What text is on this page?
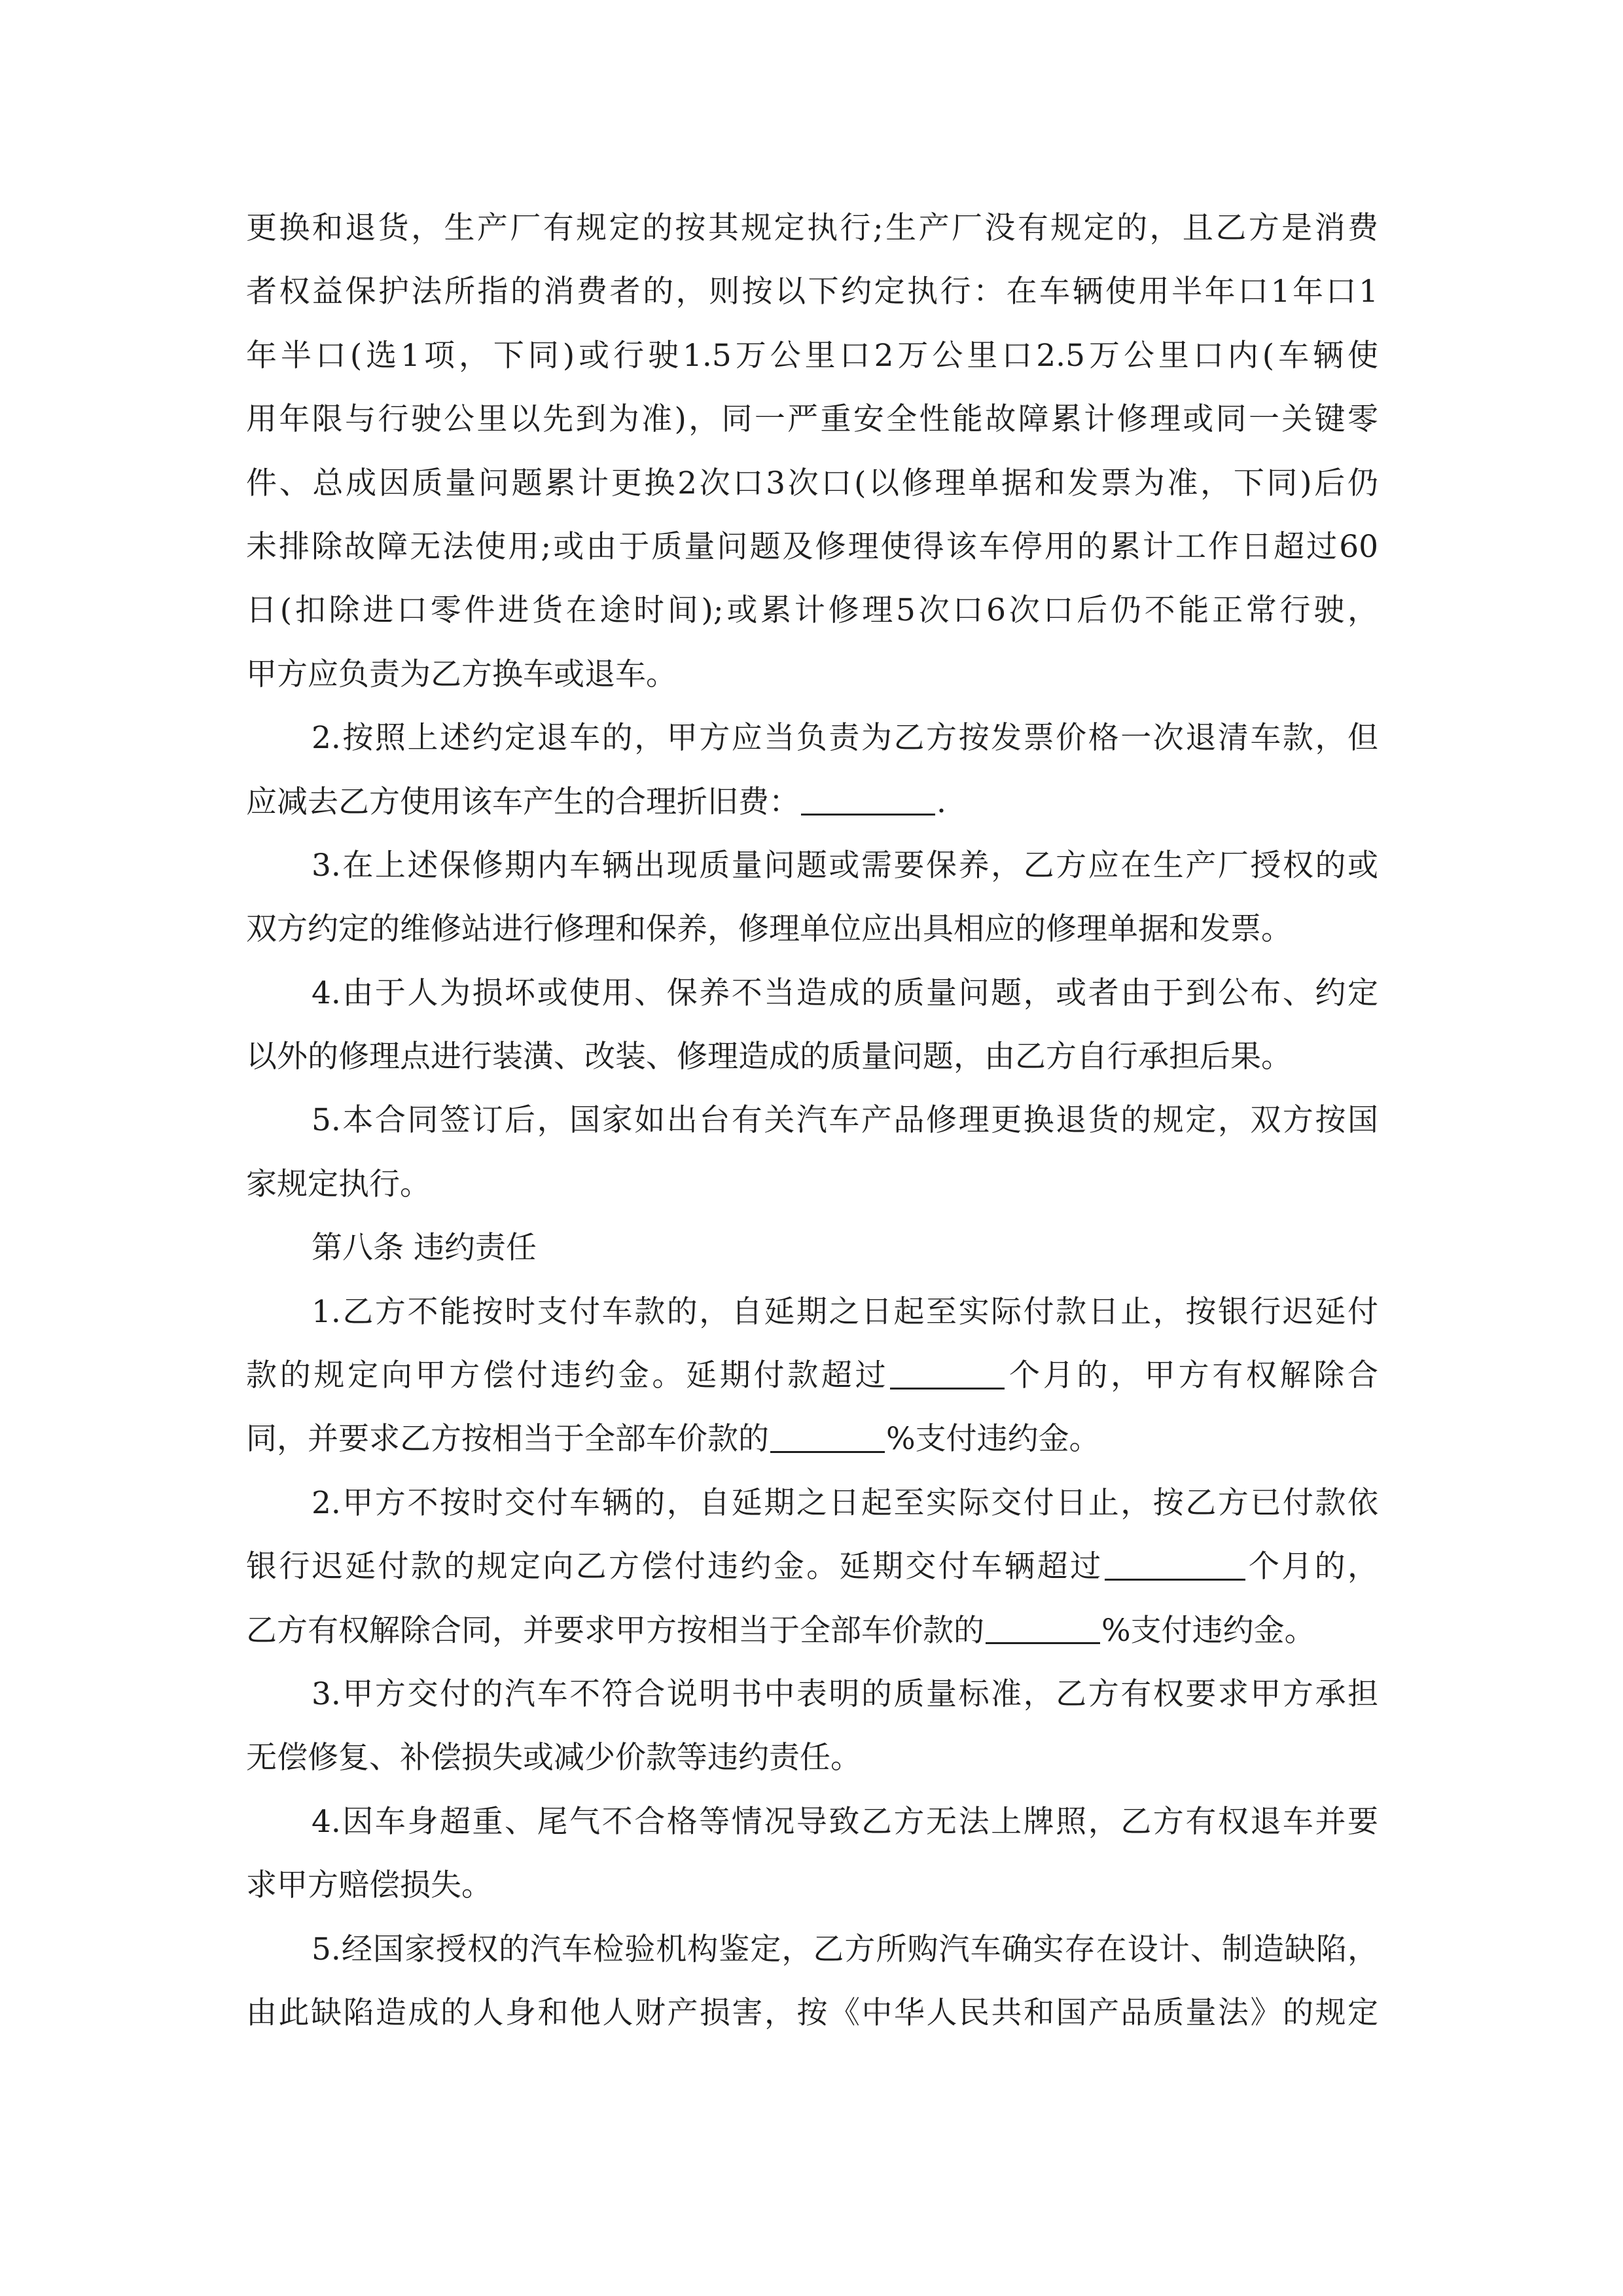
更换和退货，生产厂有规定的按其规定执行;生产厂没有规定的，且乙方是消费
者权益保护法所指的消费者的，则按以下约定执行：在车辆使用半年口1年口1
年半口(选1项，下同)或行驶1.5万公里口2万公里口2.5万公里口内(车辆使
用年限与行驶公里以先到为准)，同一严重安全性能故障累计修理或同一关键零
件、总成因质量问题累计更换2次口3次口(以修理单据和发票为准，下同)后仍
未排除故障无法使用;或由于质量问题及修理使得该车停用的累计工作日超过60
日(扣除进口零件进货在途时间);或累计修理5次口6次口后仍不能正常行驶，
甲方应负责为乙方换车或退车。
2.按照上述约定退车的，甲方应当负责为乙方按发票价格一次退清车款，但
应减去乙方使用该车产生的合理折旧费：	.
3.在上述保修期内车辆出现质量问题或需要保养，乙方应在生产厂授权的或
双方约定的维修站进行修理和保养，修理单位应出具相应的修理单据和发票。
4.由于人为损坏或使用、保养不当造成的质量问题，或者由于到公布、约定
以外的修理点进行装潢、改装、修理造成的质量问题，由乙方自行承担后果。
5.本合同签订后，国家如出台有关汽车产品修理更换退货的规定，双方按国
家规定执行。
第八条 违约责任
1.乙方不能按时支付车款的，自延期之日起至实际付款日止，按银行迟延付
款的规定向甲方偿付违约金。延期付款超过	个月的，甲方有权解除合
同，并要求乙方按相当于全部车价款的	%支付违约金。
2.甲方不按时交付车辆的，自延期之日起至实际交付日止，按乙方已付款依
银行迟延付款的规定向乙方偿付违约金。延期交付车辆超过	个月的，
乙方有权解除合同，并要求甲方按相当于全部车价款的	%支付违约金。
3.甲方交付的汽车不符合说明书中表明的质量标准，乙方有权要求甲方承担
无偿修复、补偿损失或减少价款等违约责任。
4.因车身超重、尾气不合格等情况导致乙方无法上牌照，乙方有权退车并要
求甲方赔偿损失。
5.经国家授权的汽车检验机构鉴定，乙方所购汽车确实存在设计、制造缺陷，
由此缺陷造成的人身和他人财产损害，按《中华人民共和国产品质量法》的规定
